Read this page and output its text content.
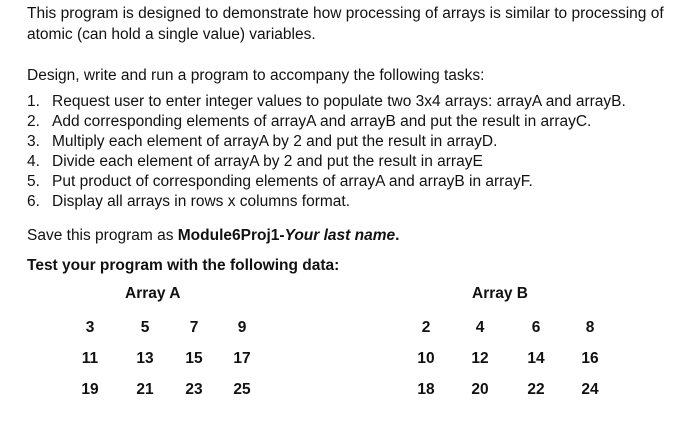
This program is designed to demonstrate how processing of arrays is similar to processing of atomic (can hold a single value) variables.

Design, write and run a program to accompany the following tasks:

1. Request user to enter integer values to populate two 3x4 arrays: arrayA and arrayB.
2. Add corresponding elements of arrayA and arrayB and put the result in arrayC.
3. Multiply each element of arrayA by 2 and put the result in arrayD.
4. Divide each element of arrayA by 2 and put the result in arrayE
5. Put product of corresponding elements of arrayA and arrayB in arrayF.
6. Display all arrays in rows x columns format.

Save this program as Module6Proj1-Your last name.

Test your program with the following data:

Array A	Array B
3	5	7	9
11	13	15	17
19	21	23	25
2	4	6	8
10	12	14	16
18	20	22	24
